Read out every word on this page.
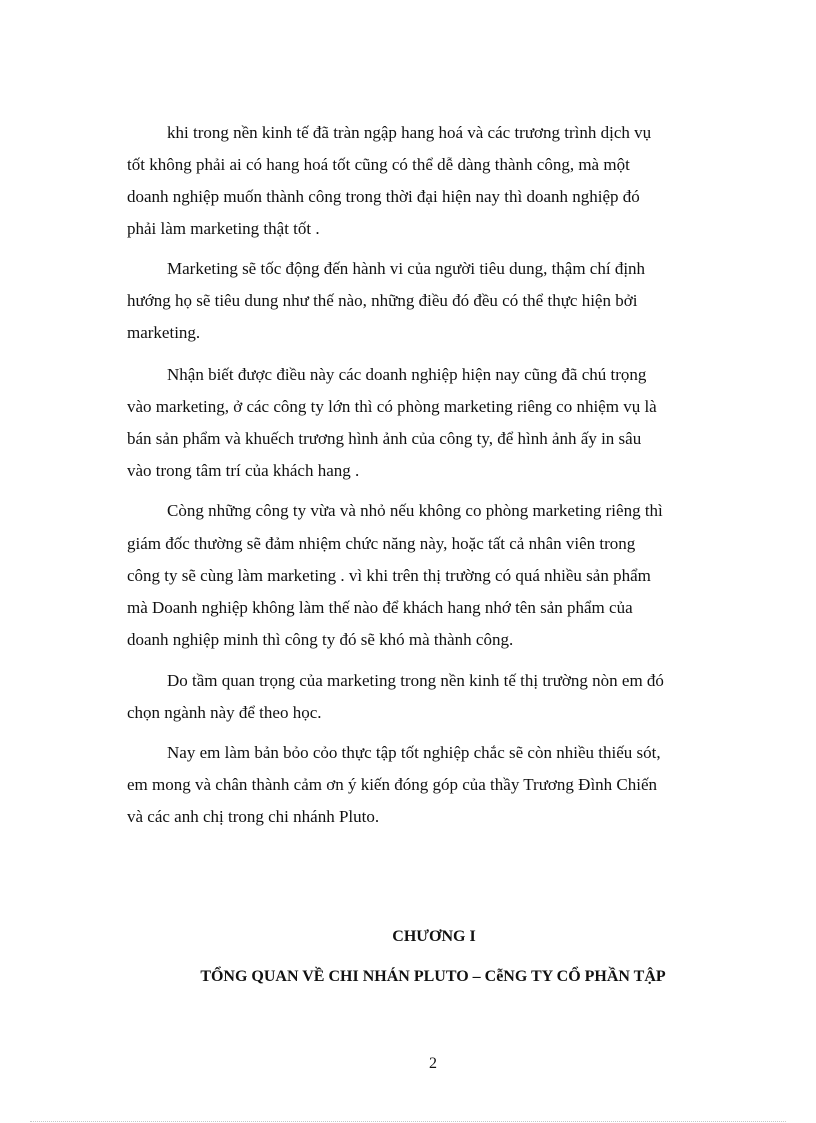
khi trong nền kinh tế đã tràn ngập hang hoá và các trương trình dịch vụ
tốt không phải ai có hang hoá tốt cũng có thể dễ dàng thành công, mà một
doanh nghiệp muốn thành công trong thời đại hiện nay thì doanh nghiệp đó
phải làm marketing thật tốt .
Marketing sẽ tốc động đến hành vi của người tiêu dung, thậm chí định
hướng họ sẽ tiêu dung như thế nào, những điều đó đều có thể thực hiện bởi
marketing.
Nhận biết được điều này các doanh nghiệp hiện nay cũng đã chú trọng
vào marketing, ở các công ty lớn thì có phòng marketing riêng co nhiệm vụ là
bán sản phẩm và khuếch trương hình ảnh của công ty, để hình ảnh ấy in sâu
vào trong tâm trí của khách hang .
Còng những công ty vừa và nhỏ nếu không co phòng marketing riêng thì
giám đốc thường sẽ đảm nhiệm chức năng này, hoặc tất cả nhân viên trong
công ty sẽ cùng làm marketing . vì khi trên thị trường có quá nhiều sản phẩm
mà Doanh nghiệp không làm thế nào để khách hang nhớ tên sản phẩm của
doanh nghiệp minh thì công ty đó sẽ khó mà thành công.
Do tầm quan trọng của marketing trong nền kinh tế thị trường nòn em đó
chọn ngành này để theo học.
Nay em làm bản bỏo cỏo thực tập tốt nghiệp chắc sẽ còn nhiều thiếu sót,
em mong và chân thành cảm ơn ý kiến đóng góp của thầy Trương Đình Chiến
và các anh chị trong chi nhánh Pluto.
CHƯƠNG I
TỔNG QUAN VỀ CHI NHÁN PLUTO – CễNG TY CỔ PHẦN TẬP
2
